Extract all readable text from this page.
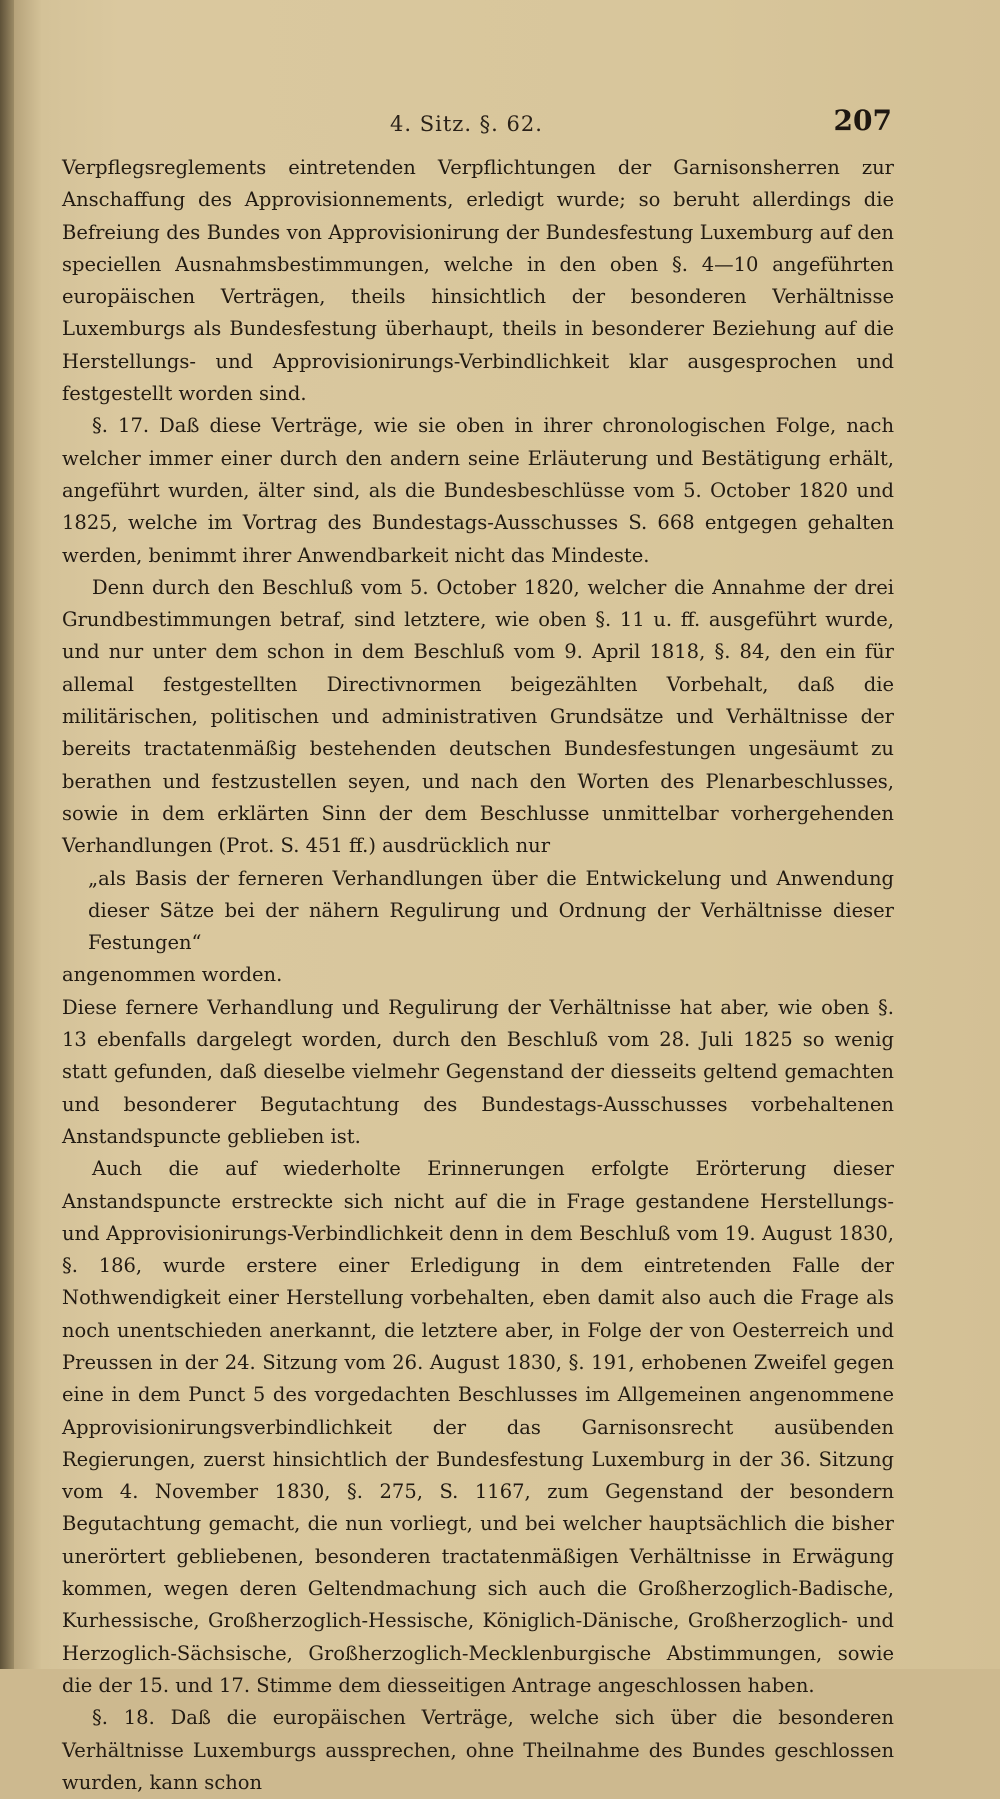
4. Sitz. §. 62.	207

Verpflegsreglements eintretenden Verpflichtungen der Garnisonsherren zur Anschaffung des Approvisionnements, erledigt wurde; so beruht allerdings die Befreiung des Bundes von Approvisionirung der Bundesfestung Luxemburg auf den speciellen Ausnahmsbestimmungen, welche in den oben §. 4—10 angeführten europäischen Verträgen, theils hinsichtlich der besonderen Verhältnisse Luxemburgs als Bundesfestung überhaupt, theils in besonderer Beziehung auf die Herstellungs- und Approvisionirungs-Verbindlichkeit klar ausgesprochen und festgestellt worden sind.

§. 17. Daß diese Verträge, wie sie oben in ihrer chronologischen Folge, nach welcher immer einer durch den andern seine Erläuterung und Bestätigung erhält, angeführt wurden, älter sind, als die Bundesbeschlüsse vom 5. October 1820 und 1825, welche im Vortrag des Bundestags-Ausschusses S. 668 entgegen gehalten werden, benimmt ihrer Anwendbarkeit nicht das Mindeste.

Denn durch den Beschluß vom 5. October 1820, welcher die Annahme der drei Grundbestimmungen betraf, sind letztere, wie oben §. 11 u. ff. ausgeführt wurde, und nur unter dem schon in dem Beschluß vom 9. April 1818, §. 84, den ein für allemal festgestellten Directivnormen beigezählten Vorbehalt, daß die militärischen, politischen und administrativen Grundsätze und Verhältnisse der bereits tractatenmäßig bestehenden deutschen Bundesfestungen ungesäumt zu berathen und festzustellen seyen, und nach den Worten des Plenarbeschlusses, sowie in dem erklärten Sinn der dem Beschlusse unmittelbar vorhergehenden Verhandlungen (Prot. S. 451 ff.) ausdrücklich nur

„als Basis der ferneren Verhandlungen über die Entwickelung und Anwendung dieser Sätze bei der nähern Regulirung und Ordnung der Verhältnisse dieser Festungen“

angenommen worden.

Diese fernere Verhandlung und Regulirung der Verhältnisse hat aber, wie oben §. 13 ebenfalls dargelegt worden, durch den Beschluß vom 28. Juli 1825 so wenig statt gefunden, daß dieselbe vielmehr Gegenstand der diesseits geltend gemachten und besonderer Begutachtung des Bundestags-Ausschusses vorbehaltenen Anstandspuncte geblieben ist.

Auch die auf wiederholte Erinnerungen erfolgte Erörterung dieser Anstandspuncte erstreckte sich nicht auf die in Frage gestandene Herstellungs- und Approvisionirungs-Verbindlichkeit denn in dem Beschluß vom 19. August 1830, §. 186, wurde erstere einer Erledigung in dem eintretenden Falle der Nothwendigkeit einer Herstellung vorbehalten, eben damit also auch die Frage als noch unentschieden anerkannt, die letztere aber, in Folge der von Oesterreich und Preussen in der 24. Sitzung vom 26. August 1830, §. 191, erhobenen Zweifel gegen eine in dem Punct 5 des vorgedachten Beschlusses im Allgemeinen angenommene Approvisionirungsverbindlichkeit der das Garnisonsrecht ausübenden Regierungen, zuerst hinsichtlich der Bundesfestung Luxemburg in der 36. Sitzung vom 4. November 1830, §. 275, S. 1167, zum Gegenstand der besondern Begutachtung gemacht, die nun vorliegt, und bei welcher hauptsächlich die bisher unerörtert gebliebenen, besonderen tractatenmäßigen Verhältnisse in Erwägung kommen, wegen deren Geltendmachung sich auch die Großherzoglich-Badische, Kurhessische, Großherzoglich-Hessische, Königlich-Dänische, Großherzoglich- und Herzoglich-Sächsische, Großherzoglich-Mecklenburgische Abstimmungen, sowie die der 15. und 17. Stimme dem diesseitigen Antrage angeschlossen haben.

§. 18. Daß die europäischen Verträge, welche sich über die besonderen Verhältnisse Luxemburgs aussprechen, ohne Theilnahme des Bundes geschlossen wurden, kann schon
